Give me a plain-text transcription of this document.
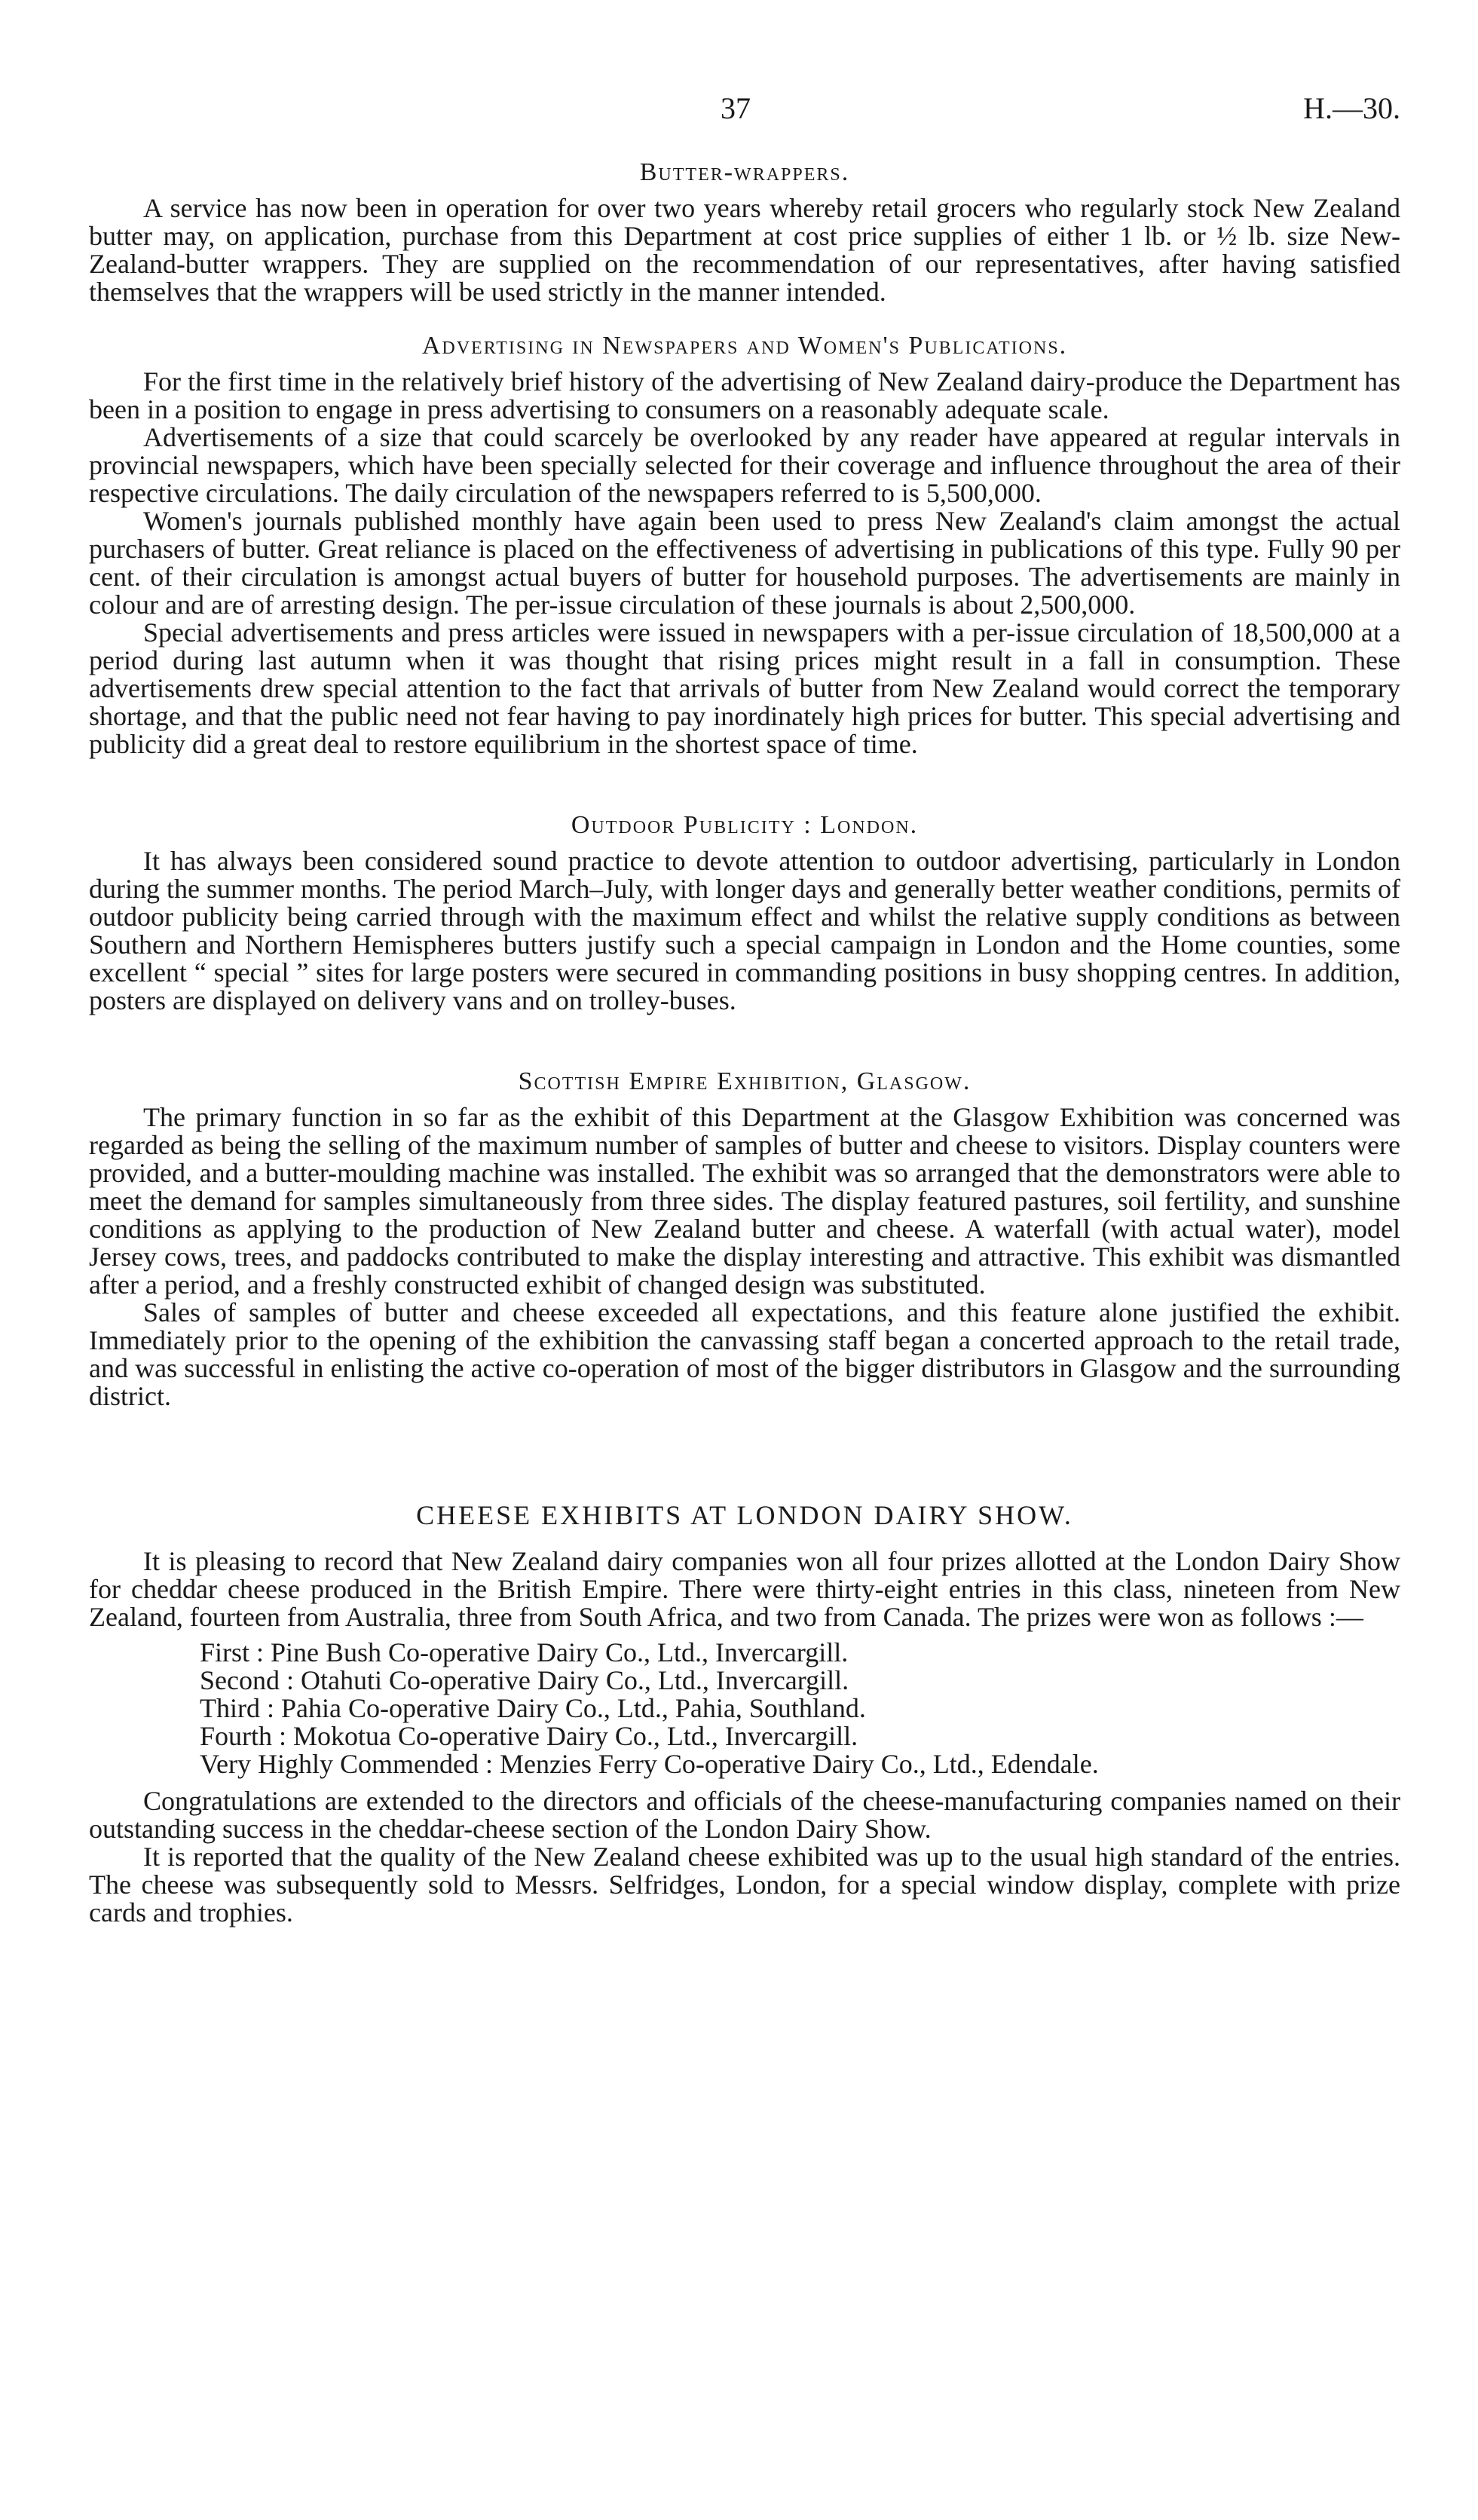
37	H.—30.
Butter-wrappers.

A service has now been in operation for over two years whereby retail grocers who regularly stock New Zealand butter may, on application, purchase from this Department at cost price supplies of either 1 lb. or ½ lb. size New-Zealand-butter wrappers. They are supplied on the recommendation of our representatives, after having satisfied themselves that the wrappers will be used strictly in the manner intended.

Advertising in Newspapers and Women's Publications.

For the first time in the relatively brief history of the advertising of New Zealand dairy-produce the Department has been in a position to engage in press advertising to consumers on a reasonably adequate scale.

Advertisements of a size that could scarcely be overlooked by any reader have appeared at regular intervals in provincial newspapers, which have been specially selected for their coverage and influence throughout the area of their respective circulations. The daily circulation of the newspapers referred to is 5,500,000.

Women's journals published monthly have again been used to press New Zealand's claim amongst the actual purchasers of butter. Great reliance is placed on the effectiveness of advertising in publications of this type. Fully 90 per cent. of their circulation is amongst actual buyers of butter for household purposes. The advertisements are mainly in colour and are of arresting design. The per-issue circulation of these journals is about 2,500,000.

Special advertisements and press articles were issued in newspapers with a per-issue circulation of 18,500,000 at a period during last autumn when it was thought that rising prices might result in a fall in consumption. These advertisements drew special attention to the fact that arrivals of butter from New Zealand would correct the temporary shortage, and that the public need not fear having to pay inordinately high prices for butter. This special advertising and publicity did a great deal to restore equilibrium in the shortest space of time.

Outdoor Publicity : London.

It has always been considered sound practice to devote attention to outdoor advertising, particularly in London during the summer months. The period March–July, with longer days and generally better weather conditions, permits of outdoor publicity being carried through with the maximum effect and whilst the relative supply conditions as between Southern and Northern Hemispheres butters justify such a special campaign in London and the Home counties, some excellent “ special ” sites for large posters were secured in commanding positions in busy shopping centres. In addition, posters are displayed on delivery vans and on trolley-buses.

Scottish Empire Exhibition, Glasgow.

The primary function in so far as the exhibit of this Department at the Glasgow Exhibition was concerned was regarded as being the selling of the maximum number of samples of butter and cheese to visitors. Display counters were provided, and a butter-moulding machine was installed. The exhibit was so arranged that the demonstrators were able to meet the demand for samples simultaneously from three sides. The display featured pastures, soil fertility, and sunshine conditions as applying to the production of New Zealand butter and cheese. A waterfall (with actual water), model Jersey cows, trees, and paddocks contributed to make the display interesting and attractive. This exhibit was dismantled after a period, and a freshly constructed exhibit of changed design was substituted.

Sales of samples of butter and cheese exceeded all expectations, and this feature alone justified the exhibit. Immediately prior to the opening of the exhibition the canvassing staff began a concerted approach to the retail trade, and was successful in enlisting the active co-operation of most of the bigger distributors in Glasgow and the surrounding district.

CHEESE EXHIBITS AT LONDON DAIRY SHOW.

It is pleasing to record that New Zealand dairy companies won all four prizes allotted at the London Dairy Show for cheddar cheese produced in the British Empire. There were thirty-eight entries in this class, nineteen from New Zealand, fourteen from Australia, three from South Africa, and two from Canada. The prizes were won as follows :—

First : Pine Bush Co-operative Dairy Co., Ltd., Invercargill.
Second : Otahuti Co-operative Dairy Co., Ltd., Invercargill.
Third : Pahia Co-operative Dairy Co., Ltd., Pahia, Southland.
Fourth : Mokotua Co-operative Dairy Co., Ltd., Invercargill.
Very Highly Commended : Menzies Ferry Co-operative Dairy Co., Ltd., Edendale.

Congratulations are extended to the directors and officials of the cheese-manufacturing companies named on their outstanding success in the cheddar-cheese section of the London Dairy Show.

It is reported that the quality of the New Zealand cheese exhibited was up to the usual high standard of the entries. The cheese was subsequently sold to Messrs. Selfridges, London, for a special window display, complete with prize cards and trophies.
